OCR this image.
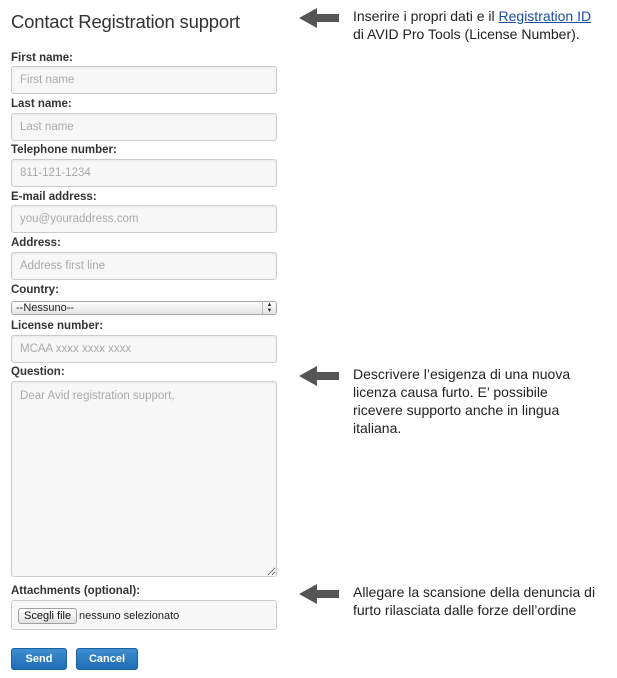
Contact Registration support
First name:
First name
Last name:
Last name
Telephone number:
811-121-1234
E-mail address:
you@youraddress.com
Address:
Address first line
Country:
--Nessuno--	▲
▼
License number:
MCAA xxxx xxxx xxxx
Question:
Dear Avid registration support,
Attachments (optional):
Scegli file nessuno selezionato
Send	Cancel
Inserire i propri dati e il Registration ID
di AVID Pro Tools (License Number).
Descrivere l’esigenza di una nuova licenza causa furto. E’ possibile ricevere supporto anche in lingua italiana.
Allegare la scansione della denuncia di furto rilasciata dalle forze dell’ordine
